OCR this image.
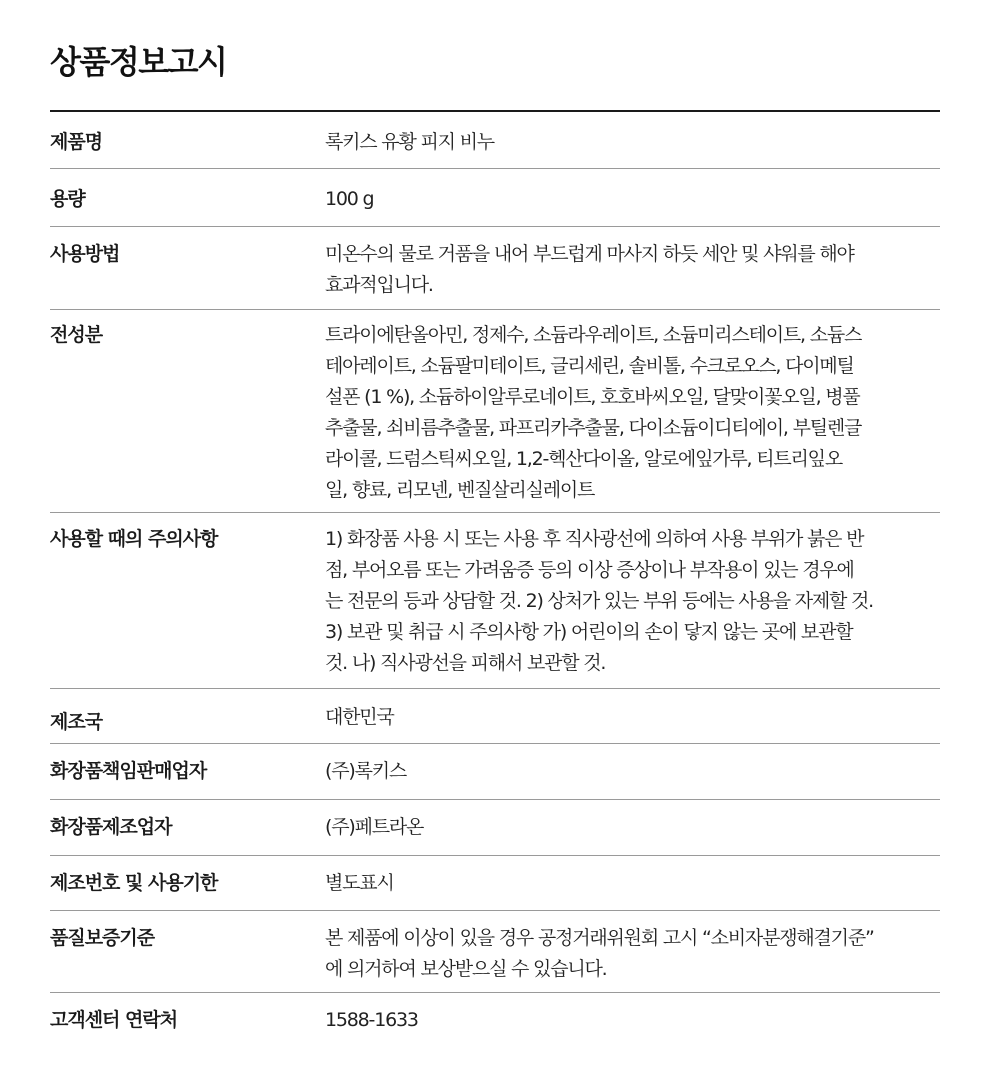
상품정보고시
제품명	록키스 유황 피지 비누
용량	100 g
사용방법	미온수의 물로 거품을 내어 부드럽게 마사지 하듯 세안 및 샤워를 해야
효과적입니다.
전성분	트라이에탄올아민, 정제수, 소듐라우레이트, 소듐미리스테이트, 소듐스
테아레이트, 소듐팔미테이트, 글리세린, 솔비톨, 수크로오스, 다이메틸
설폰 (1 %), 소듐하이알루로네이트, 호호바씨오일, 달맞이꽃오일, 병풀
추출물, 쇠비름추출물, 파프리카추출물, 다이소듐이디티에이, 부틸렌글
라이콜, 드럼스틱씨오일, 1,2-헥산다이올, 알로에잎가루, 티트리잎오
일, 향료, 리모넨, 벤질살리실레이트
사용할 때의 주의사항	1) 화장품 사용 시 또는 사용 후 직사광선에 의하여 사용 부위가 붉은 반
점, 부어오름 또는 가려움증 등의 이상 증상이나 부작용이 있는 경우에
는 전문의 등과 상담할 것. 2) 상처가 있는 부위 등에는 사용을 자제할 것.
3) 보관 및 취급 시 주의사항 가) 어린이의 손이 닿지 않는 곳에 보관할
것. 나) 직사광선을 피해서 보관할 것.
제조국	대한민국
화장품책임판매업자	(주)록키스
화장품제조업자	(주)페트라온
제조번호 및 사용기한	별도표시
품질보증기준	본 제품에 이상이 있을 경우 공정거래위원회 고시 “소비자분쟁해결기준”
에 의거하여 보상받으실 수 있습니다.
고객센터 연락처	1588-1633
